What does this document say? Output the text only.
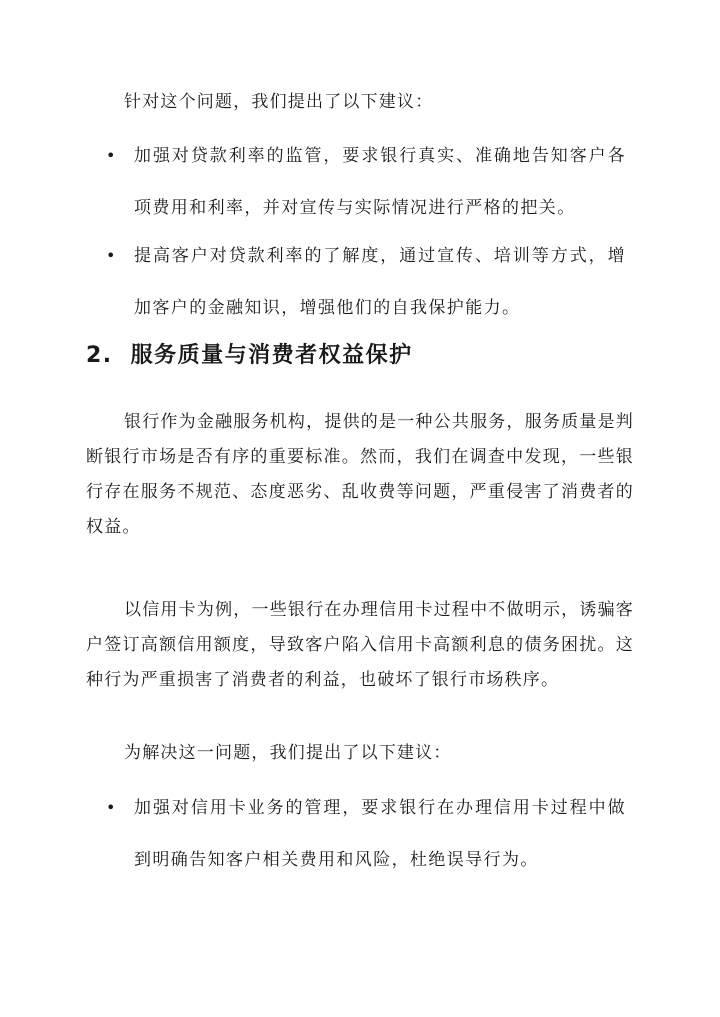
针对这个问题，我们提出了以下建议：

• 加强对贷款利率的监管，要求银行真实、准确地告知客户各项费用和利率，并对宣传与实际情况进行严格的把关。
• 提高客户对贷款利率的了解度，通过宣传、培训等方式，增加客户的金融知识，增强他们的自我保护能力。
2. 服务质量与消费者权益保护

银行作为金融服务机构，提供的是一种公共服务，服务质量是判断银行市场是否有序的重要标准。然而，我们在调查中发现，一些银行存在服务不规范、态度恶劣、乱收费等问题，严重侵害了消费者的权益。

以信用卡为例，一些银行在办理信用卡过程中不做明示，诱骗客户签订高额信用额度，导致客户陷入信用卡高额利息的债务困扰。这种行为严重损害了消费者的利益，也破坏了银行市场秩序。

为解决这一问题，我们提出了以下建议：

• 加强对信用卡业务的管理，要求银行在办理信用卡过程中做到明确告知客户相关费用和风险，杜绝误导行为。
